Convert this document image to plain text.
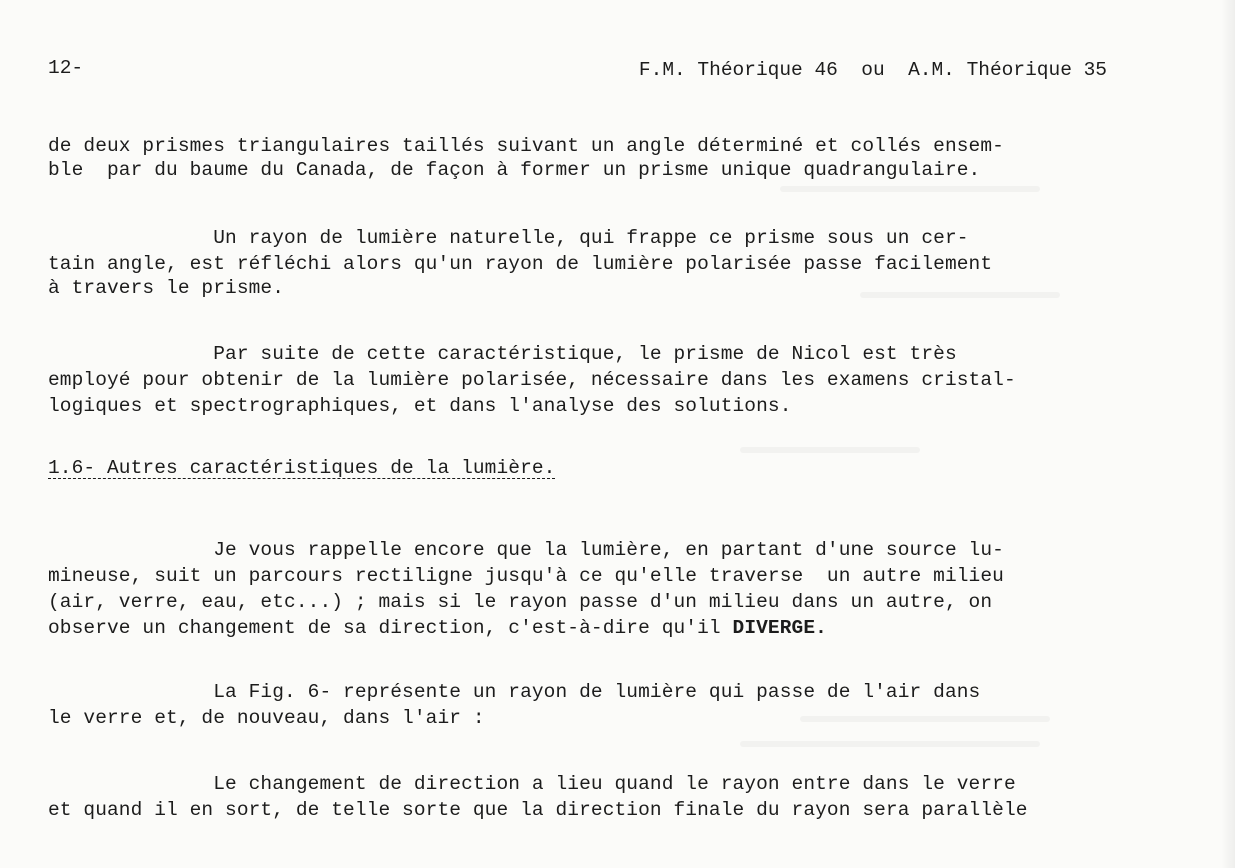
12-	F.M. Théorique 46  ou  A.M. Théorique 35

de deux prismes triangulaires taillés suivant un angle déterminé et collés ensem-

ble  par du baume du Canada, de façon à former un prisme unique quadrangulaire.

Un rayon de lumière naturelle, qui frappe ce prisme sous un cer-

tain angle, est réfléchi alors qu'un rayon de lumière polarisée passe facilement

à travers le prisme.

Par suite de cette caractéristique, le prisme de Nicol est très

employé pour obtenir de la lumière polarisée, nécessaire dans les examens cristal-

logiques et spectrographiques, et dans l'analyse des solutions.

1.6- Autres caractéristiques de la lumière.

Je vous rappelle encore que la lumière, en partant d'une source lu-

mineuse, suit un parcours rectiligne jusqu'à ce qu'elle traverse  un autre milieu

(air, verre, eau, etc...) ; mais si le rayon passe d'un milieu dans un autre, on

observe un changement de sa direction, c'est-à-dire qu'il DIVERGE.

La Fig. 6- représente un rayon de lumière qui passe de l'air dans

le verre et, de nouveau, dans l'air :

Le changement de direction a lieu quand le rayon entre dans le verre

et quand il en sort, de telle sorte que la direction finale du rayon sera parallèle
